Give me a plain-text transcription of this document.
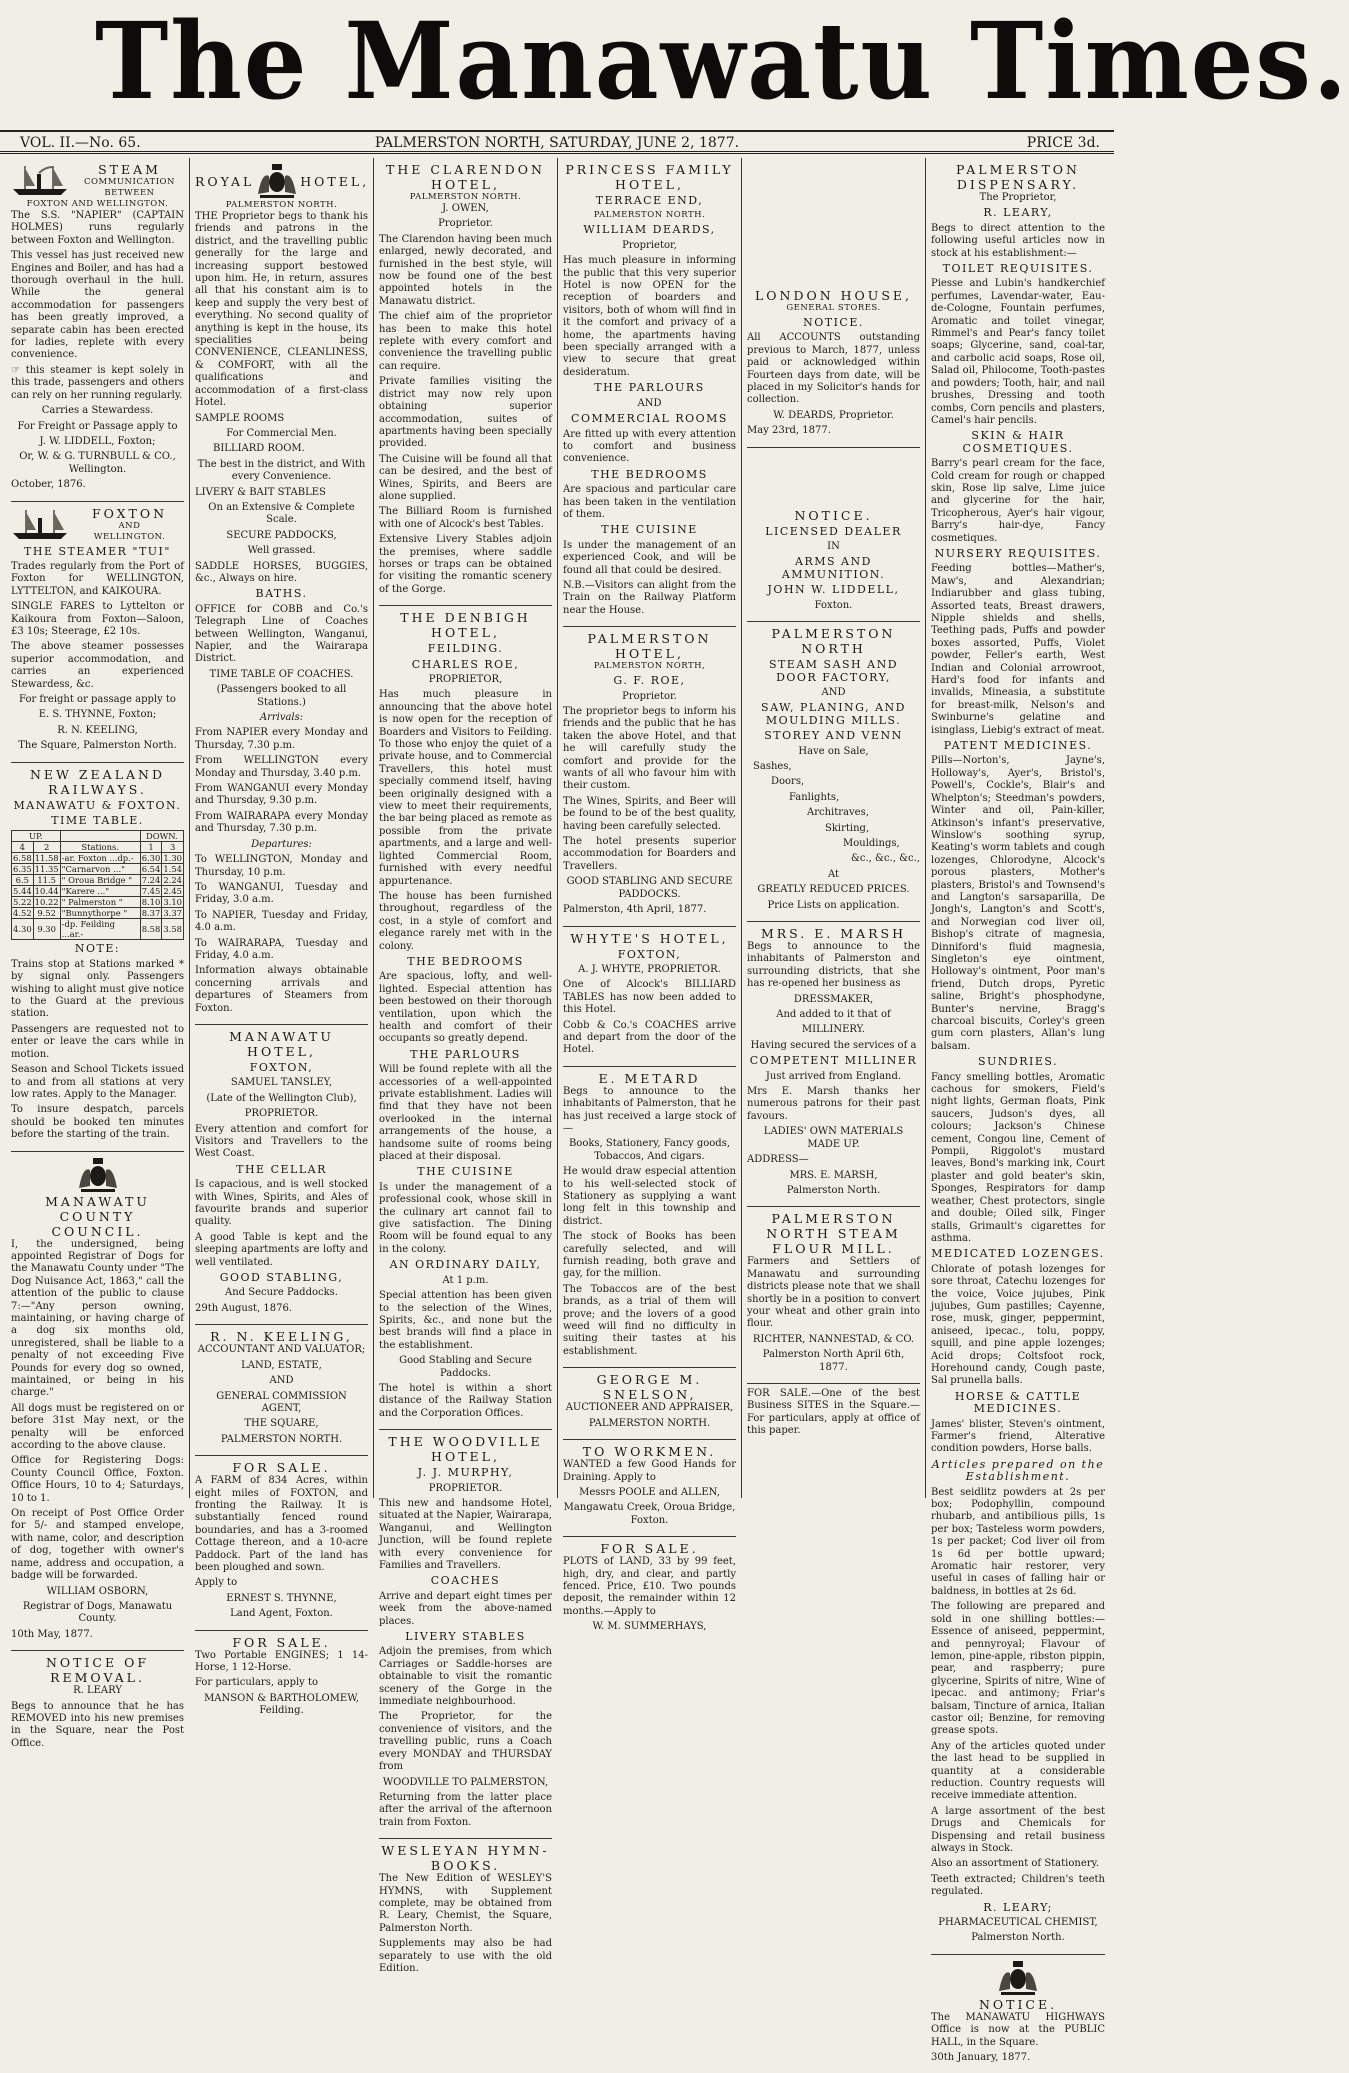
The Manawatu Times.
VOL. II.—No. 65.	PALMERSTON NORTH, SATURDAY, JUNE 2, 1877.	PRICE 3d.
STEAM
COMMUNICATION
BETWEEN
FOXTON AND WELLINGTON.

The S.S. "NAPIER" (CAPTAIN HOLMES) runs regularly between Foxton and Wellington.

This vessel has just received new Engines and Boiler, and has had a thorough overhaul in the hull. While the general accommodation for passengers has been greatly improved, a separate cabin has been erected for ladies, replete with every convenience.

☞ this steamer is kept solely in this trade, passengers and others can rely on her running regularly.

Carries a Stewardess.

For Freight or Passage apply to

J. W. LIDDELL, Foxton;

Or, W. & G. TURNBULL & CO., Wellington.

October, 1876.

FOXTON
AND
WELLINGTON.
THE STEAMER "TUI"

Trades regularly from the Port of Foxton for WELLINGTON, LYTTELTON, and KAIKOURA.

SINGLE FARES to Lyttelton or Kaikoura from Foxton—Saloon, £3 10s; Steerage, £2 10s.

The above steamer possesses superior accommodation, and carries an experienced Stewardess, &c.

For freight or passage apply to

E. S. THYNNE, Foxton;

R. N. KEELING,

The Square, Palmerston North.

NEW ZEALAND RAILWAYS.
MANAWATU & FOXTON.
TIME TABLE.
UP.			DOWN.	
4	2	Stations.	1	3
6.58	11.58	-ar. Foxton ...dp.-	6.30	1.30
6.35	11.35	"Carnarvon ..."	6.54	1.54
6.5	11.5	" Oroua Bridge "	7.24	2.24
5.44	10.44	"Karere ..."	7.45	2.45
5.22	10.22	" Palmerston "	8.10	3.10
4.52	9.52	"Bunnythorpe "	8.37	3.37
4.30	9.30	-dp. Feilding ...ar.-	8.58	3.58
NOTE:

Trains stop at Stations marked * by signal only. Passengers wishing to alight must give notice to the Guard at the previous station.

Passengers are requested not to enter or leave the cars while in motion.

Season and School Tickets issued to and from all stations at very low rates. Apply to the Manager.

To insure despatch, parcels should be booked ten minutes before the starting of the train.

MANAWATU COUNTY COUNCIL.

I, the undersigned, being appointed Registrar of Dogs for the Manawatu County under "The Dog Nuisance Act, 1863," call the attention of the public to clause 7:—"Any person owning, maintaining, or having charge of a dog six months old, unregistered, shall be liable to a penalty of not exceeding Five Pounds for every dog so owned, maintained, or being in his charge."

All dogs must be registered on or before 31st May next, or the penalty will be enforced according to the above clause.

Office for Registering Dogs: County Council Office, Foxton. Office Hours, 10 to 4; Saturdays, 10 to 1.

On receipt of Post Office Order for 5/- and stamped envelope, with name, color, and description of dog, together with owner's name, address and occupation, a badge will be forwarded.

WILLIAM OSBORN,

Registrar of Dogs, Manawatu County.

10th May, 1877.

NOTICE OF REMOVAL.

R. LEARY

Begs to announce that he has REMOVED into his new premises in the Square, near the Post Office.

ROYAL	HOTEL,
PALMERSTON NORTH.

THE Proprietor begs to thank his friends and patrons in the district, and the travelling public generally for the large and increasing support bestowed upon him. He, in return, assures all that his constant aim is to keep and supply the very best of everything. No second quality of anything is kept in the house, its specialities being CONVENIENCE, CLEANLINESS, & COMFORT, with all the qualifications and accommodation of a first-class Hotel.

SAMPLE ROOMS

For Commercial Men.

BILLIARD ROOM.

The best in the district, and With every Convenience.

LIVERY & BAIT STABLES

On an Extensive & Complete Scale.

SECURE PADDOCKS,

Well grassed.

SADDLE HORSES, BUGGIES, &c., Always on hire.

BATHS.

OFFICE for COBB and Co.'s Telegraph Line of Coaches between Wellington, Wanganui, Napier, and the Wairarapa District.

TIME TABLE OF COACHES.

(Passengers booked to all Stations.)

Arrivals:

From NAPIER every Monday and Thursday, 7.30 p.m.

From WELLINGTON every Monday and Thursday, 3.40 p.m.

From WANGANUI every Monday and Thursday, 9.30 p.m.

From WAIRARAPA every Monday and Thursday, 7.30 p.m.

Departures:

To WELLINGTON, Monday and Thursday, 10 p.m.

To WANGANUI, Tuesday and Friday, 3.0 a.m.

To NAPIER, Tuesday and Friday, 4.0 a.m.

To WAIRARAPA, Tuesday and Friday, 4.0 a.m.

Information always obtainable concerning arrivals and departures of Steamers from Foxton.

MANAWATU HOTEL,
FOXTON,

SAMUEL TANSLEY,

(Late of the Wellington Club),

PROPRIETOR.

Every attention and comfort for Visitors and Travellers to the West Coast.

THE CELLAR

Is capacious, and is well stocked with Wines, Spirits, and Ales of favourite brands and superior quality.

A good Table is kept and the sleeping apartments are lofty and well ventilated.

GOOD STABLING,

And Secure Paddocks.

29th August, 1876.

R. N. KEELING,

ACCOUNTANT AND VALUATOR;

LAND, ESTATE,

AND

GENERAL COMMISSION AGENT,

THE SQUARE,

PALMERSTON NORTH.

FOR SALE.

A FARM of 834 Acres, within eight miles of FOXTON, and fronting the Railway. It is substantially fenced round boundaries, and has a 3-roomed Cottage thereon, and a 10-acre Paddock. Part of the land has been ploughed and sown.

Apply to

ERNEST S. THYNNE,

Land Agent, Foxton.

FOR SALE.

Two Portable ENGINES; 1 14-Horse, 1 12-Horse.

For particulars, apply to

MANSON & BARTHOLOMEW, Feilding.

THE CLARENDON HOTEL,
PALMERSTON NORTH.

J. OWEN,

Proprietor.

The Clarendon having been much enlarged, newly decorated, and furnished in the best style, will now be found one of the best appointed hotels in the Manawatu district.

The chief aim of the proprietor has been to make this hotel replete with every comfort and convenience the travelling public can require.

Private families visiting the district may now rely upon obtaining superior accommodation, suites of apartments having been specially provided.

The Cuisine will be found all that can be desired, and the best of Wines, Spirits, and Beers are alone supplied.

The Billiard Room is furnished with one of Alcock's best Tables.

Extensive Livery Stables adjoin the premises, where saddle horses or traps can be obtained for visiting the romantic scenery of the Gorge.

THE DENBIGH HOTEL,
FEILDING.
CHARLES ROE,

PROPRIETOR,

Has much pleasure in announcing that the above hotel is now open for the reception of Boarders and Visitors to Feilding. To those who enjoy the quiet of a private house, and to Commercial Travellers, this hotel must specially commend itself, having been originally designed with a view to meet their requirements, the bar being placed as remote as possible from the private apartments, and a large and well-lighted Commercial Room, furnished with every needful appurtenance.

The house has been furnished throughout, regardless of the cost, in a style of comfort and elegance rarely met with in the colony.

THE BEDROOMS

Are spacious, lofty, and well-lighted. Especial attention has been bestowed on their thorough ventilation, upon which the health and comfort of their occupants so greatly depend.

THE PARLOURS

Will be found replete with all the accessories of a well-appointed private establishment. Ladies will find that they have not been overlooked in the internal arrangements of the house, a handsome suite of rooms being placed at their disposal.

THE CUISINE

Is under the management of a professional cook, whose skill in the culinary art cannot fail to give satisfaction. The Dining Room will be found equal to any in the colony.

AN ORDINARY DAILY,

At 1 p.m.

Special attention has been given to the selection of the Wines, Spirits, &c., and none but the best brands will find a place in the establishment.

Good Stabling and Secure Paddocks.

The hotel is within a short distance of the Railway Station and the Corporation Offices.

THE WOODVILLE HOTEL,
J. J. MURPHY,

PROPRIETOR.

This new and handsome Hotel, situated at the Napier, Wairarapa, Wanganui, and Wellington Junction, will be found replete with every convenience for Families and Travellers.

COACHES

Arrive and depart eight times per week from the above-named places.

LIVERY STABLES

Adjoin the premises, from which Carriages or Saddle-horses are obtainable to visit the romantic scenery of the Gorge in the immediate neighbourhood.

The Proprietor, for the convenience of visitors, and the travelling public, runs a Coach every MONDAY and THURSDAY from

WOODVILLE TO PALMERSTON,

Returning from the latter place after the arrival of the afternoon train from Foxton.

WESLEYAN HYMN-BOOKS.

The New Edition of WESLEY'S HYMNS, with Supplement complete, may be obtained from R. Leary, Chemist, the Square, Palmerston North.

Supplements may also be had separately to use with the old Edition.

PRINCESS FAMILY HOTEL,
TERRACE END,
PALMERSTON NORTH.
WILLIAM DEARDS,

Proprietor,

Has much pleasure in informing the public that this very superior Hotel is now OPEN for the reception of boarders and visitors, both of whom will find in it the comfort and privacy of a home, the apartments having been specially arranged with a view to secure that great desideratum.

THE PARLOURS

AND

COMMERCIAL ROOMS

Are fitted up with every attention to comfort and business convenience.

THE BEDROOMS

Are spacious and particular care has been taken in the ventilation of them.

THE CUISINE

Is under the management of an experienced Cook, and will be found all that could be desired.

N.B.—Visitors can alight from the Train on the Railway Platform near the House.

PALMERSTON HOTEL,
PALMERSTON NORTH,
G. F. ROE,

Proprietor.

The proprietor begs to inform his friends and the public that he has taken the above Hotel, and that he will carefully study the comfort and provide for the wants of all who favour him with their custom.

The Wines, Spirits, and Beer will be found to be of the best quality, having been carefully selected.

The hotel presents superior accommodation for Boarders and Travellers.

GOOD STABLING AND SECURE PADDOCKS.

Palmerston, 4th April, 1877.

WHYTE'S HOTEL,
FOXTON,

A. J. WHYTE, PROPRIETOR.

One of Alcock's BILLIARD TABLES has now been added to this Hotel.

Cobb & Co.'s COACHES arrive and depart from the door of the Hotel.

E. METARD

Begs to announce to the inhabitants of Palmerston, that he has just received a large stock of—

Books, Stationery, Fancy goods, Tobaccos, And cigars.

He would draw especial attention to his well-selected stock of Stationery as supplying a want long felt in this township and district.

The stock of Books has been carefully selected, and will furnish reading, both grave and gay, for the million.

The Tobaccos are of the best brands, as a trial of them will prove; and the lovers of a good weed will find no difficulty in suiting their tastes at his establishment.

GEORGE M. SNELSON,

AUCTIONEER AND APPRAISER,

PALMERSTON NORTH.

TO WORKMEN.

WANTED a few Good Hands for Draining. Apply to

Messrs POOLE and ALLEN,

Mangawatu Creek, Oroua Bridge, Foxton.

FOR SALE.

PLOTS of LAND, 33 by 99 feet, high, dry, and clear, and partly fenced. Price, £10. Two pounds deposit, the remainder within 12 months.—Apply to

W. M. SUMMERHAYS,

LONDON HOUSE,
GENERAL STORES.
NOTICE.

All ACCOUNTS outstanding previous to March, 1877, unless paid or acknowledged within Fourteen days from date, will be placed in my Solicitor's hands for collection.

W. DEARDS, Proprietor.

May 23rd, 1877.

NOTICE.
LICENSED DEALER

IN

ARMS AND AMMUNITION.
JOHN W. LIDDELL,

Foxton.

PALMERSTON NORTH
STEAM SASH AND DOOR FACTORY,

AND

SAW, PLANING, AND MOULDING MILLS.
STOREY AND VENN

Have on Sale,

Sashes,

Doors,

Fanlights,

Architraves,

Skirting,

Mouldings,

&c., &c., &c.,

At

GREATLY REDUCED PRICES.

Price Lists on application.

MRS. E. MARSH

Begs to announce to the inhabitants of Palmerston and surrounding districts, that she has re-opened her business as

DRESSMAKER,

And added to it that of

MILLINERY.

Having secured the services of a

COMPETENT MILLINER

Just arrived from England.

Mrs E. Marsh thanks her numerous patrons for their past favours.

LADIES' OWN MATERIALS MADE UP.

ADDRESS—

MRS. E. MARSH,

Palmerston North.

PALMERSTON NORTH STEAM FLOUR MILL.

Farmers and Settlers of Manawatu and surrounding districts please note that we shall shortly be in a position to convert your wheat and other grain into flour.

RICHTER, NANNESTAD, & CO.

Palmerston North April 6th, 1877.

FOR SALE.—One of the best Business SITES in the Square.—For particulars, apply at office of this paper.

PALMERSTON DISPENSARY.

The Proprietor,

R. LEARY,

Begs to direct attention to the following useful articles now in stock at his establishment:—

TOILET REQUISITES.

Piesse and Lubin's handkerchief perfumes, Lavendar-water, Eau-de-Cologne, Fountain perfumes, Aromatic and toilet vinegar, Rimmel's and Pear's fancy toilet soaps; Glycerine, sand, coal-tar, and carbolic acid soaps, Rose oil, Salad oil, Philocome, Tooth-pastes and powders; Tooth, hair, and nail brushes, Dressing and tooth combs, Corn pencils and plasters, Camel's hair pencils.

SKIN & HAIR COSMETIQUES.

Barry's pearl cream for the face, Cold cream for rough or chapped skin, Rose lip salve, Lime juice and glycerine for the hair, Tricopherous, Ayer's hair vigour, Barry's hair-dye, Fancy cosmetiques.

NURSERY REQUISITES.

Feeding bottles—Mather's, Maw's, and Alexandrian; Indiarubber and glass tubing, Assorted teats, Breast drawers, Nipple shields and shells, Teething pads, Puffs and powder boxes assorted, Puffs, Violet powder, Feller's earth, West Indian and Colonial arrowroot, Hard's food for infants and invalids, Mineasia, a substitute for breast-milk, Nelson's and Swinburne's gelatine and isinglass, Liebig's extract of meat.

PATENT MEDICINES.

Pills—Norton's, Jayne's, Holloway's, Ayer's, Bristol's, Powell's, Cockle's, Blair's and Whelpton's; Steedman's powders, Winter and oil, Pain-killer, Atkinson's infant's preservative, Winslow's soothing syrup, Keating's worm tablets and cough lozenges, Chlorodyne, Alcock's porous plasters, Mother's plasters, Bristol's and Townsend's and Langton's sarsaparilla, De Jongh's, Langton's and Scott's, and Norwegian cod liver oil, Bishop's citrate of magnesia, Dinniford's fluid magnesia, Singleton's eye ointment, Holloway's ointment, Poor man's friend, Dutch drops, Pyretic saline, Bright's phosphodyne, Bunter's nervine, Bragg's charcoal biscuits, Corley's green gum corn plasters, Allan's lung balsam.

SUNDRIES.

Fancy smelling bottles, Aromatic cachous for smokers, Field's night lights, German floats, Pink saucers, Judson's dyes, all colours; Jackson's Chinese cement, Congou line, Cement of Pompii, Riggolot's mustard leaves, Bond's marking ink, Court plaster and gold beater's skin, Sponges, Respirators for damp weather, Chest protectors, single and double; Oiled silk, Finger stalls, Grimault's cigarettes for asthma.

MEDICATED LOZENGES.

Chlorate of potash lozenges for sore throat, Catechu lozenges for the voice, Voice jujubes, Pink jujubes, Gum pastilles; Cayenne, rose, musk, ginger, peppermint, aniseed, ipecac., tolu, poppy, squill, and pine apple lozenges; Acid drops; Coltsfoot rock, Horehound candy, Cough paste, Sal prunella balls.

HORSE & CATTLE MEDICINES.

James' blister, Steven's ointment, Farmer's friend, Alterative condition powders, Horse balls.

Articles prepared on the Establishment.

Best seidlitz powders at 2s per box; Podophyllin, compound rhubarb, and antibilious pills, 1s per box; Tasteless worm powders, 1s per packet; Cod liver oil from 1s 6d per bottle upward; Aromatic hair restorer, very useful in cases of falling hair or baldness, in bottles at 2s 6d.

The following are prepared and sold in one shilling bottles:—Essence of aniseed, peppermint, and pennyroyal; Flavour of lemon, pine-apple, ribston pippin, pear, and raspberry; pure glycerine, Spirits of nitre, Wine of ipecac. and antimony; Friar's balsam, Tincture of arnica, Italian castor oil; Benzine, for removing grease spots.

Any of the articles quoted under the last head to be supplied in quantity at a considerable reduction. Country requests will receive immediate attention.

A large assortment of the best Drugs and Chemicals for Dispensing and retail business always in Stock.

Also an assortment of Stationery.

Teeth extracted; Children's teeth regulated.

R. LEARY;

PHARMACEUTICAL CHEMIST,

Palmerston North.

NOTICE.

The MANAWATU HIGHWAYS Office is now at the PUBLIC HALL, in the Square.

30th January, 1877.
